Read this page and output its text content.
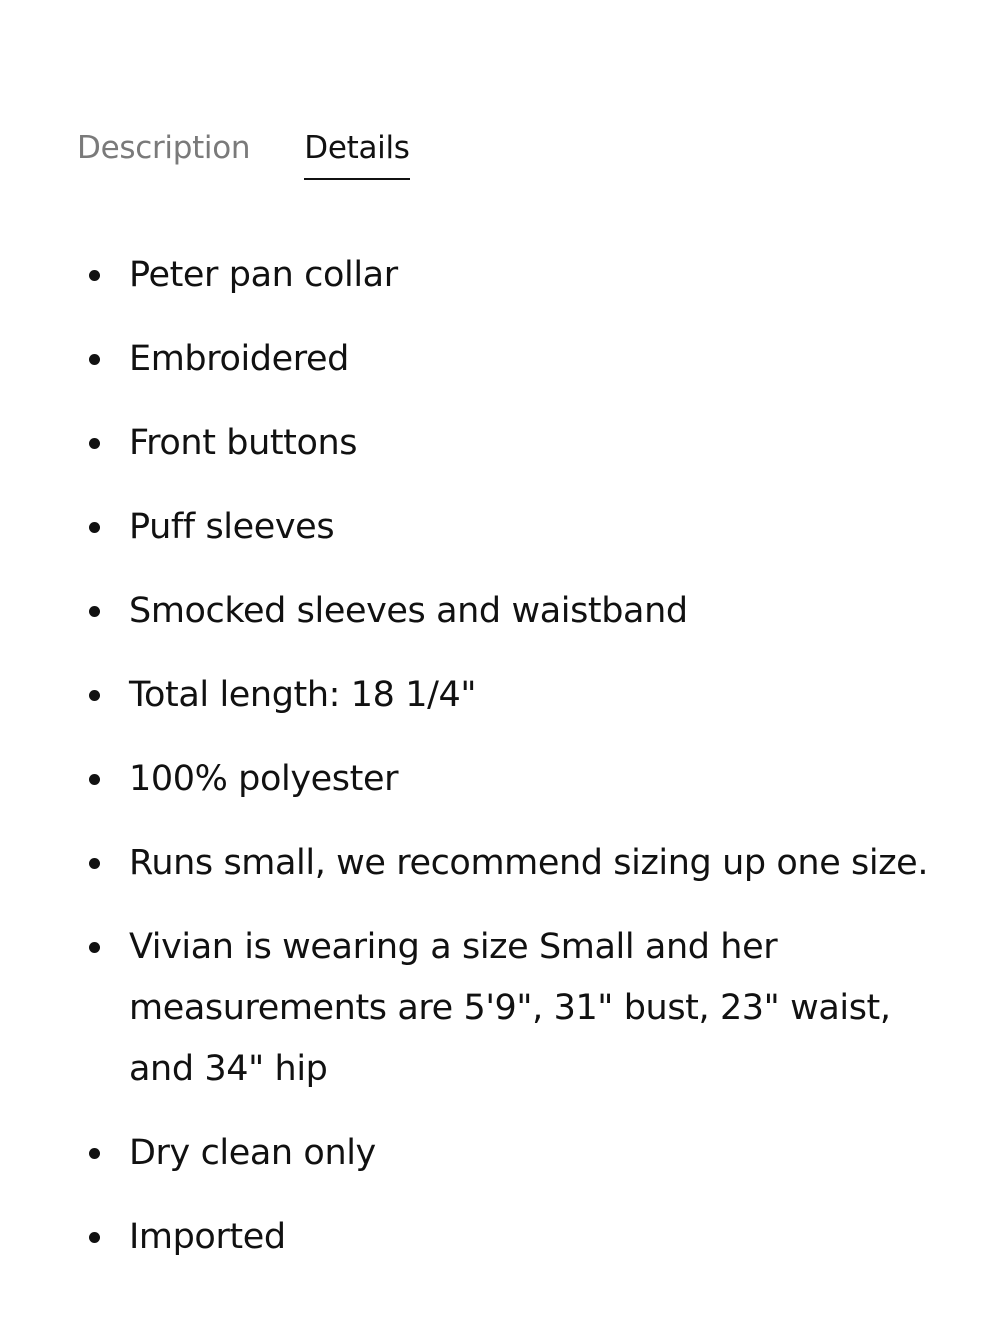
Description Details
Peter pan collar
Embroidered
Front buttons
Puff sleeves
Smocked sleeves and waistband
Total length: 18 1/4"
100% polyester
Runs small, we recommend sizing up one size.
Vivian is wearing a size Small and her measurements are 5'9", 31" bust, 23" waist, and 34" hip
Dry clean only
Imported
